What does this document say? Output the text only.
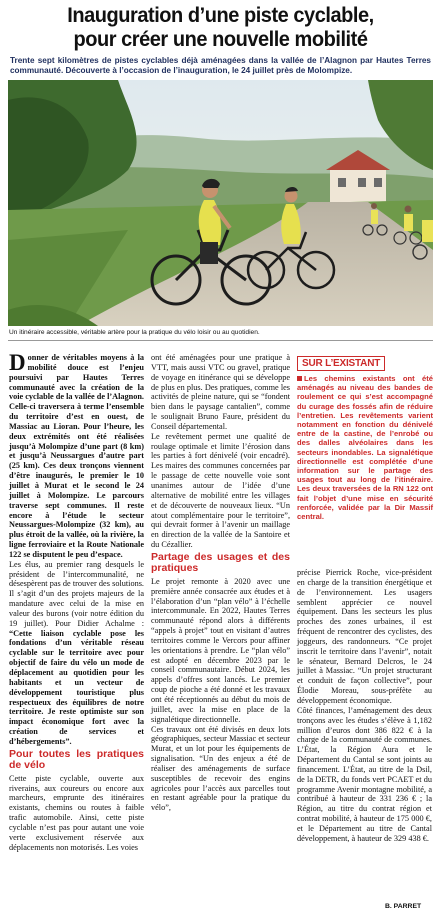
Inauguration d’une piste cyclable,
pour créer une nouvelle mobilité

Trente sept kilomètres de pistes cyclables déjà aménagées dans la vallée de l’Alagnon par Hautes Terres communauté. Découverte à l’occasion de l’inauguration, le 24 juillet près de Molompize.

Un itinéraire accessible, véritable artère pour la pratique du vélo loisir ou au quotidien.

Donner de véritables moyens à la mobilité douce est l’enjeu poursuivi par Hautes Terres communauté avec la création de la voie cyclable de la vallée de l’Alagnon. Celle-ci traversera à terme l’ensemble du territoire d’est en ouest, de Massiac au Lioran. Pour l’heure, les deux extrémités ont été réalisées jusqu’à Molompize d’une part (8 km) et jusqu’à Neussargues d’autre part (25 km). Ces deux tronçons viennent d’être inaugurés, le premier le 10 juillet à Murat et le second le 24 juillet à Molompize. Le parcours traverse sept communes. Il reste encore à l’étude le secteur Neussargues-Molompize (32 km), au plus étroit de la vallée, où la rivière, la ligne ferroviaire et la Route Nationale 122 se disputent le peu d’espace.

Les élus, au premier rang desquels le président de l’intercommunalité, ne désespèrent pas de trouver des solutions. Il s’agit d’un des projets majeurs de la mandature avec celui de la mise en valeur des burons (voir notre édition du 19 juillet). Pour Didier Achalme : “Cette liaison cyclable pose les fondations d’un véritable réseau cyclable sur le territoire avec pour objectif de faire du vélo un mode de déplacement au quotidien pour les habitants et un vecteur de développement touristique plus respectueux des équilibres de notre territoire. Je reste optimiste sur son impact économique fort avec la création de services et d’hébergements”.

Pour toutes les pratiques de vélo

Cette piste cyclable, ouverte aux riverains, aux coureurs ou encore aux marcheurs, emprunte des itinéraires existants, chemins ou routes à faible trafic automobile. Ainsi, cette piste cyclable n’est pas pour autant une voie verte exclusivement réservée aux déplacements non motorisés. Les voies

ont été aménagées pour une pratique à VTT, mais aussi VTC ou gravel, pratique de voyage en itinérance qui se développe de plus en plus. Des pratiques, comme les activités de pleine nature, qui se “fondent bien dans le paysage cantalien”, comme le soulignait Bruno Faure, président du Conseil départemental.

Le revêtement permet une qualité de roulage optimale et limite l’érosion dans les parties à fort dénivelé (voir encadré). Les maires des communes concernées par le passage de cette nouvelle voie sont unanimes autour de l’idée d’une alternative de mobilité entre les villages et de découverte de nouveaux lieux. “Un atout complémentaire pour le territoire”, qui devrait former à l’avenir un maillage en direction de la vallée de la Santoire et du Cézallier.

Partage des usages et des pratiques

Le projet remonte à 2020 avec une première année consacrée aux études et à l’élaboration d’un “plan vélo” à l’échelle intercommunale. En 2022, Hautes Terres communauté répond alors à différents “appels à projet” tout en visitant d’autres territoires comme le Vercors pour affiner les orientations à prendre. Le “plan vélo” est adopté en décembre 2023 par le conseil communautaire. Début 2024, les appels d’offres sont lancés. Le premier coup de pioche a été donné et les travaux ont été réceptionnés au début du mois de juillet, avec la mise en place de la signalétique directionnelle.

Ces travaux ont été divisés en deux lots géographiques, secteur Massiac et secteur Murat, et un lot pour les équipements de signalisation. “Un des enjeux a été de réaliser des aménagements de surface susceptibles de recevoir des engins agricoles pour l’accès aux parcelles tout en restant agréable pour la pratique du vélo”,

SUR L’EXISTANT
Les chemins existants ont été aménagés au niveau des bandes de roulement ce qui s’est accompagné du curage des fossés afin de réduire l’entretien. Les revêtements varient notamment en fonction du dénivelé entre de la castine, de l’enrobé ou des dalles alvéolaires dans les secteurs inondables. La signalétique directionnelle est complétée d’une information sur le partage des usages tout au long de l’itinéraire. Les deux traversées de la RN 122 ont fait l’objet d’une mise en sécurité renforcée, validée par la Dir Massif central.

précise Pierrick Roche, vice-président en charge de la transition énergétique et de l’environnement. Les usagers semblent apprécier ce nouvel équipement. Dans les secteurs les plus proches des zones urbaines, il est fréquent de rencontrer des cyclistes, des joggeurs, des randonneurs. “Ce projet inscrit le territoire dans l’avenir”, notait le sénateur, Bernard Delcros, le 24 juillet à Massiac. “Un projet structurant et conduit de façon collective”, pour Élodie Moreau, sous-préfète au développement économique.

Côté finances, l’aménagement des deux tronçons avec les études s’élève à 1,182 million d’euros dont 386 822 € à la charge de la communauté de communes. L’État, la Région Aura et le Département du Cantal se sont joints au financement. L’État, au titre de la Dsil, de la DETR, du fonds vert PCAET et du programme Avenir montagne mobilité, a contribué à hauteur de 331 236 € ; la Région, au titre du contrat région et contrat mobilité, à hauteur de 175 000 €, et le Département au titre de Cantal développement, à hauteur de 329 438 €.

B. PARRET
